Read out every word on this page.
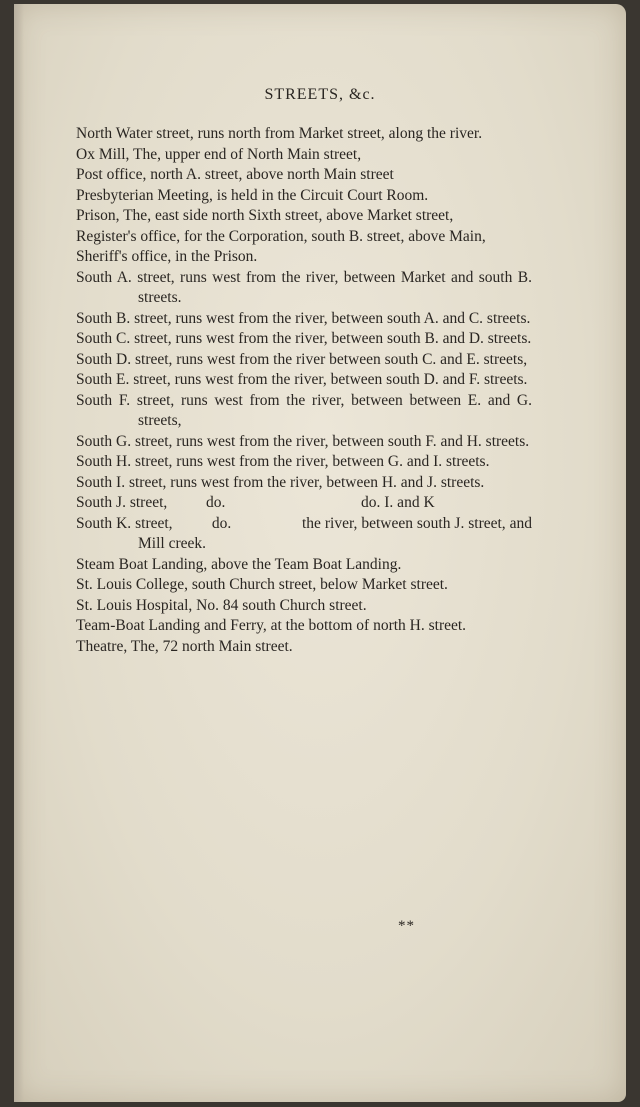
STREETS, &c.
North Water street, runs north from Market street, along the river.
Ox Mill, The, upper end of North Main street,
Post office, north A. street, above north Main street
Presbyterian Meeting, is held in the Circuit Court Room.
Prison, The, east side north Sixth street, above Market street,
Register's office, for the Corporation, south B. street, above Main,
Sheriff's office, in the Prison.
South A. street, runs west from the river, between Market and south B. streets.
South B. street, runs west from the river, between south A. and C. streets.
South C. street, runs west from the river, between south B. and D. streets.
South D. street, runs west from the river between south C. and E. streets,
South E. street, runs west from the river, between south D. and F. streets.
South F. street, runs west from the river, between between E. and G. streets,
South G. street, runs west from the river, between south F. and H. streets.
South H. street, runs west from the river, between G. and I. streets.
South I. street, runs west from the river, between H. and J. streets.
South J. street,          do.                                   do. I. and K
South K. street,          do.                  the river, between south J. street, and Mill creek.
Steam Boat Landing, above the Team Boat Landing.
St. Louis College, south Church street, below Market street.
St. Louis Hospital, No. 84 south Church street.
Team-Boat Landing and Ferry, at the bottom of north H. street.
Theatre, The, 72 north Main street.
**
